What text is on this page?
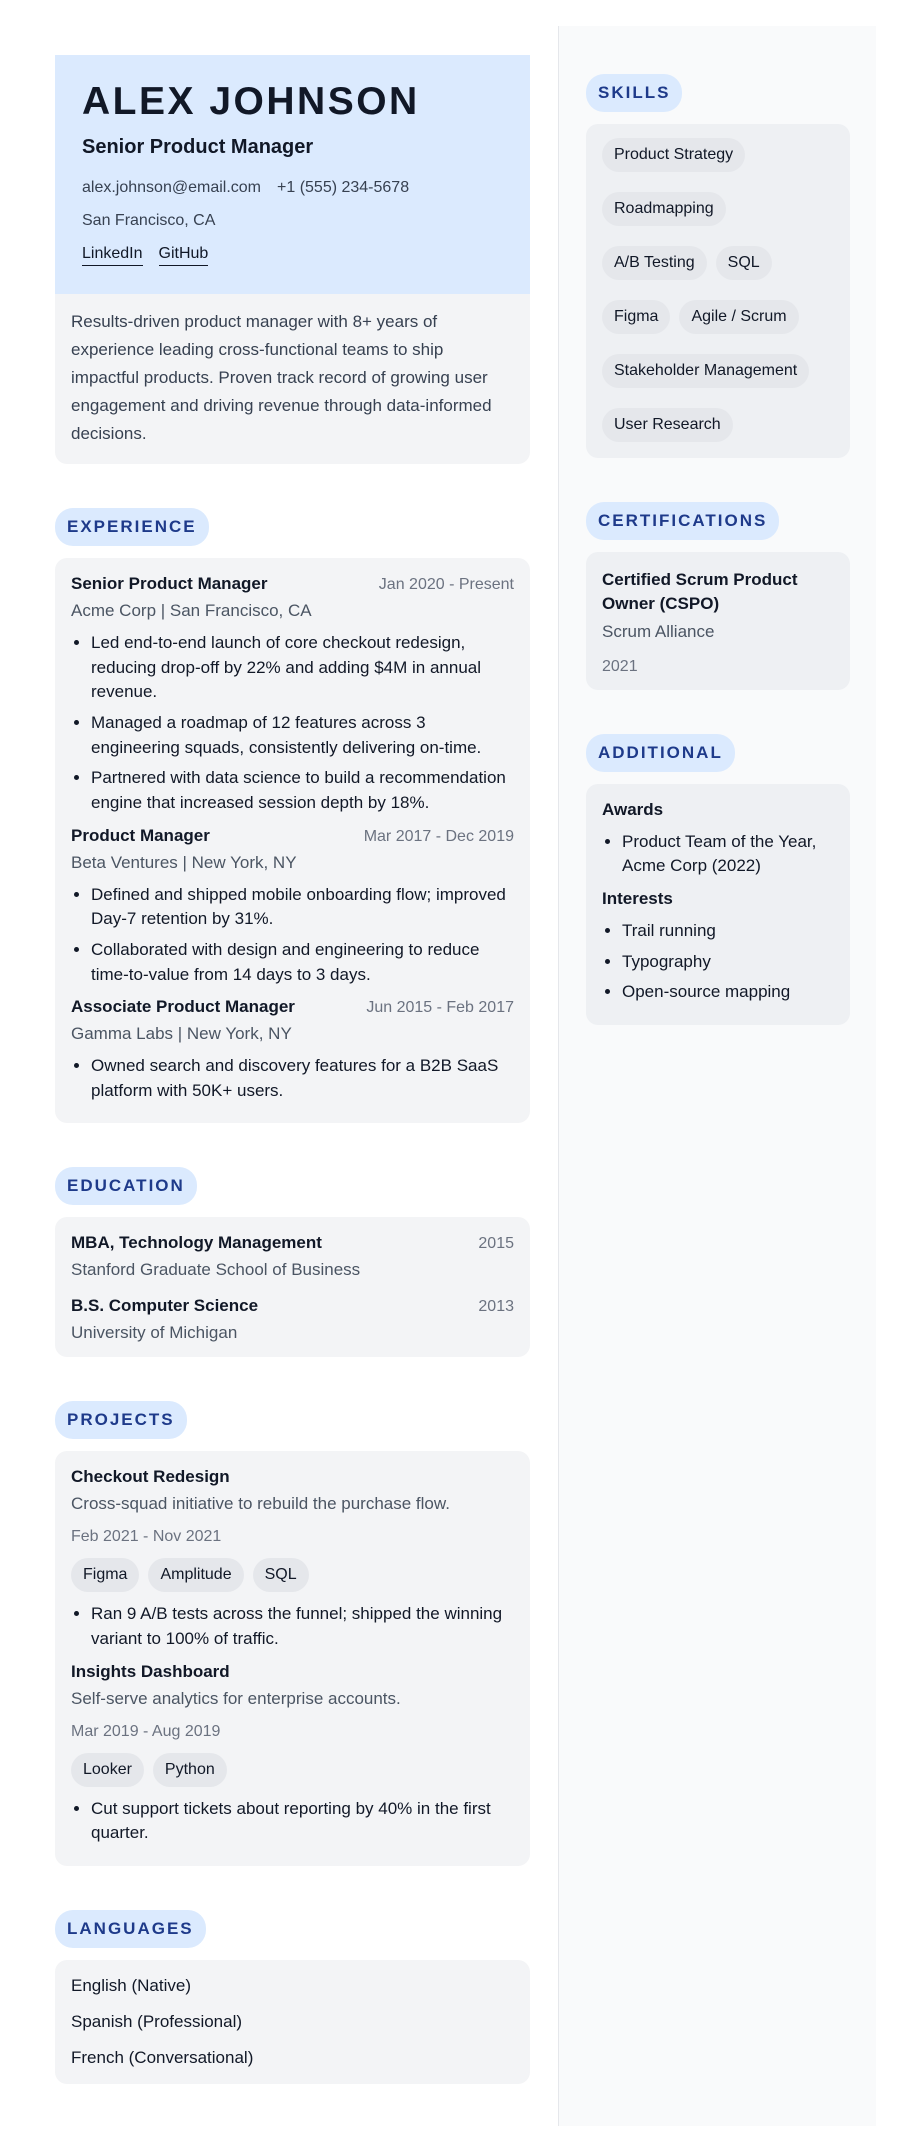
ALEX JOHNSON
Senior Product Manager
alex.johnson@email.com +1 (555) 234-5678
San Francisco, CA
LinkedIn GitHub
Results-driven product manager with 8+ years of experience leading cross-functional teams to ship impactful products. Proven track record of growing user engagement and driving revenue through data-informed decisions.
EXPERIENCE
Senior Product Manager	Jan 2020 - Present
Acme Corp | San Francisco, CA
• Led end-to-end launch of core checkout redesign, reducing drop-off by 22% and adding $4M in annual revenue.
• Managed a roadmap of 12 features across 3 engineering squads, consistently delivering on-time.
• Partnered with data science to build a recommendation engine that increased session depth by 18%.
Product Manager	Mar 2017 - Dec 2019
Beta Ventures | New York, NY
• Defined and shipped mobile onboarding flow; improved Day-7 retention by 31%.
• Collaborated with design and engineering to reduce time-to-value from 14 days to 3 days.
Associate Product Manager	Jun 2015 - Feb 2017
Gamma Labs | New York, NY
• Owned search and discovery features for a B2B SaaS platform with 50K+ users.
EDUCATION
MBA, Technology Management	2015
Stanford Graduate School of Business
B.S. Computer Science	2013
University of Michigan
PROJECTS
Checkout Redesign
Cross-squad initiative to rebuild the purchase flow.
Feb 2021 - Nov 2021
Figma	Amplitude	SQL
• Ran 9 A/B tests across the funnel; shipped the winning variant to 100% of traffic.
Insights Dashboard
Self-serve analytics for enterprise accounts.
Mar 2019 - Aug 2019
Looker	Python
• Cut support tickets about reporting by 40% in the first quarter.
LANGUAGES
English (Native)
Spanish (Professional)
French (Conversational)
SKILLS
Product Strategy
Roadmapping
A/B Testing	SQL
Figma	Agile / Scrum
Stakeholder Management
User Research
CERTIFICATIONS
Certified Scrum Product Owner (CSPO)
Scrum Alliance
2021
ADDITIONAL
Awards
• Product Team of the Year, Acme Corp (2022)
Interests
• Trail running
• Typography
• Open-source mapping
